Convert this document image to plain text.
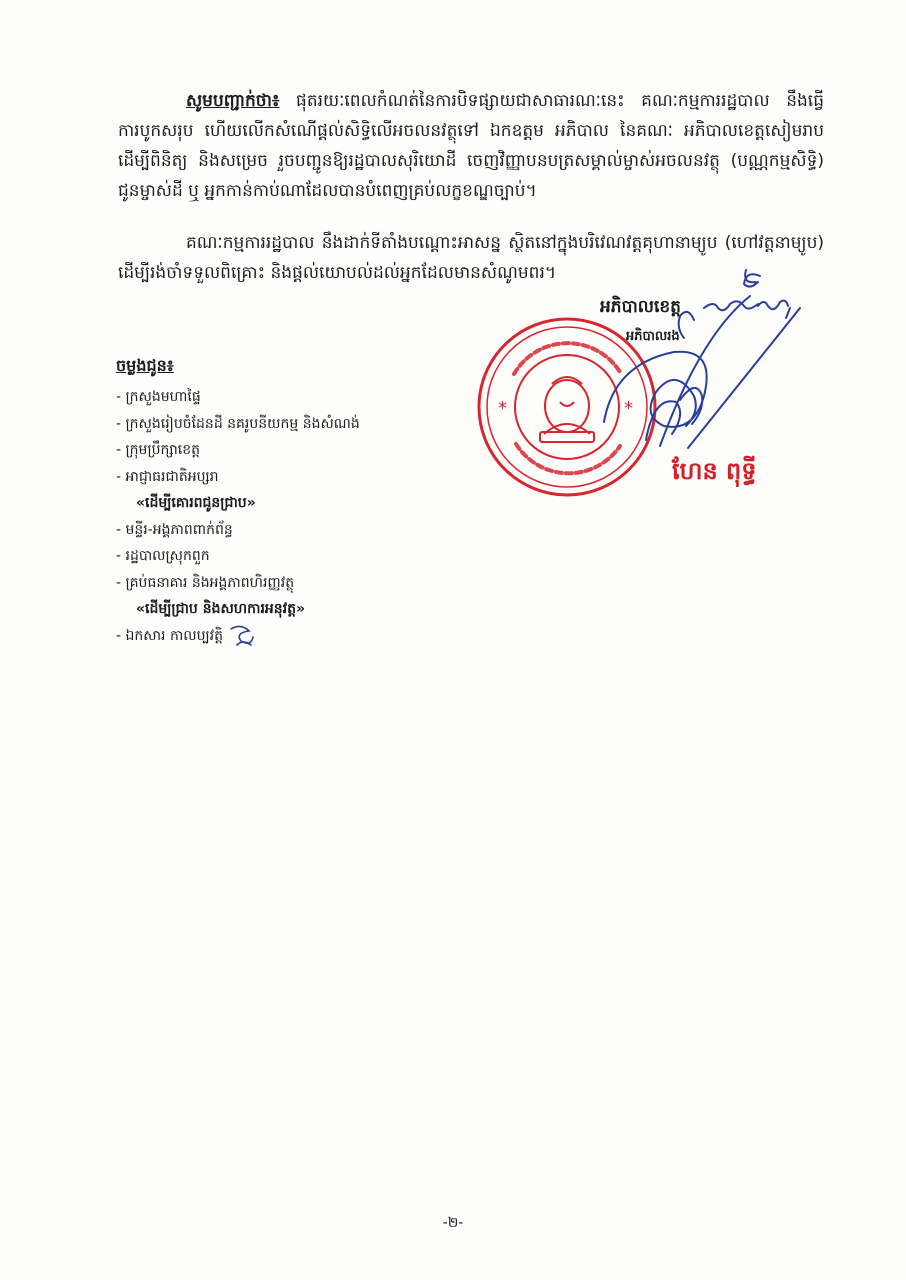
សូមបញ្ជាក់ថា៖ ផុតរយៈពេលកំណត់នៃការបិទផ្សាយជាសាធារណៈនេះ គណៈកម្មការរដ្ឋបាល នឹងធ្វើការបូកសរុប ហើយលើកសំណើផ្តល់សិទ្ធិលើអចលនវត្ថុទៅ ឯកឧត្តម អភិបាល នៃគណៈ អភិបាលខេត្តសៀមរាប ដើម្បីពិនិត្យ និងសម្រេច រួចបញ្ជូនឱ្យរដ្ឋបាលសុរិយោដី ចេញវិញ្ញាបនបត្រសម្គាល់ម្ចាស់អចលនវត្ថុ (បណ្ណកម្មសិទ្ធិ) ជូនម្ចាស់ដី ឬ អ្នកកាន់កាប់ណាដែលបានបំពេញគ្រប់លក្ខខណ្ឌច្បាប់។

គណៈកម្មការរដ្ឋបាល នឹងដាក់ទីតាំងបណ្ដោះអាសន្ន ស្ថិតនៅក្នុងបរិវេណវត្តគុហានាម្យូប (ហៅវត្តនាម្យូប) ដើម្បីរង់ចាំទទួលពិគ្រោះ និងផ្តល់យោបល់ដល់អ្នកដែលមានសំណូមពរ។

*	*
អភិបាលខេត្ត
អភិបាលរង
ហែន ពុទ្ធី
ចម្លងជូន៖
- ក្រសួងមហាផ្ទៃ
- ក្រសួងរៀបចំដែនដី នគរូបនីយកម្ម និងសំណង់
- ក្រុមប្រឹក្សាខេត្ត
- អាជ្ញាធរជាតិអប្សរា
«ដើម្បីគោរពជូនជ្រាប»
- មន្ទីរ-អង្គភាពពាក់ព័ន្ធ
- រដ្ឋបាលស្រុកពួក
- គ្រប់ធនាគារ និងអង្គភាពហិរញ្ញវត្ថុ
«ដើម្បីជ្រាប និងសហការអនុវត្ត»
- ឯកសារ កាលប្បវត្តិ
-២-
